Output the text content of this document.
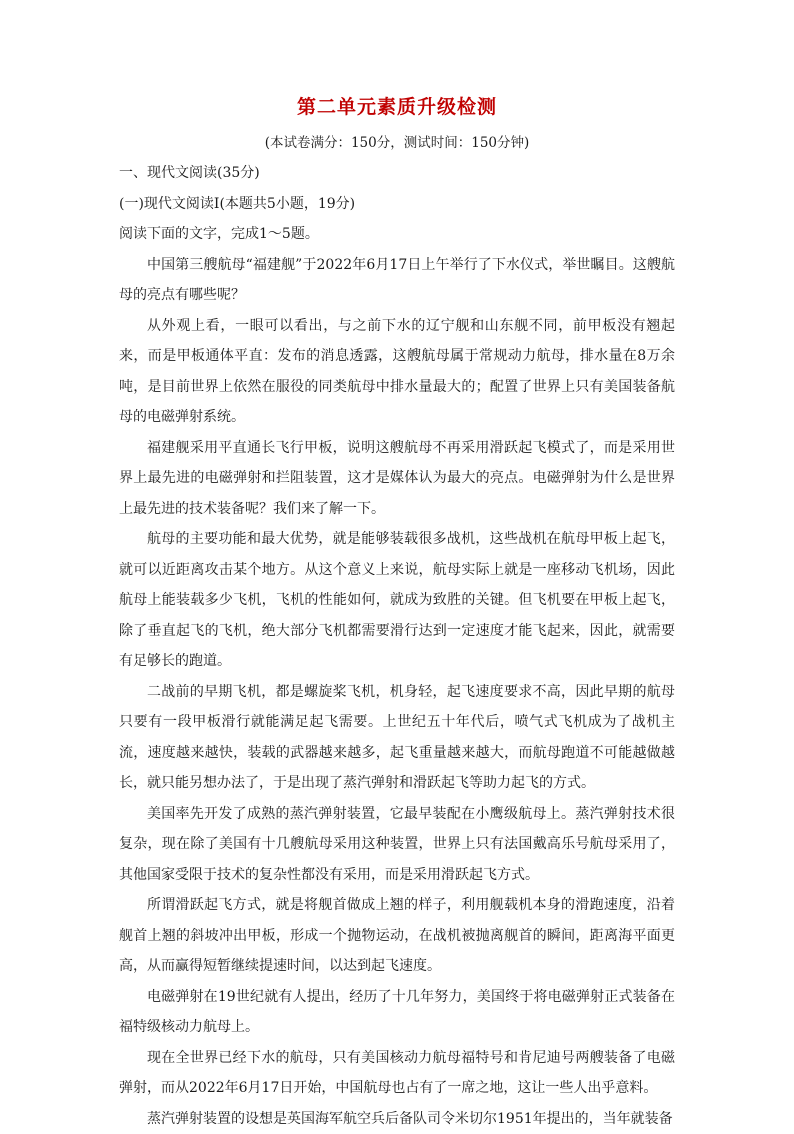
第二单元素质升级检测

(本试卷满分：150分，测试时间：150分钟)

一、现代文阅读(35分)

(一)现代文阅读Ⅰ(本题共5小题，19分)

阅读下面的文字，完成1～5题。

中国第三艘航母“福建舰”于2022年6月17日上午举行了下水仪式，举世瞩目。这艘航母的亮点有哪些呢？

从外观上看，一眼可以看出，与之前下水的辽宁舰和山东舰不同，前甲板没有翘起来，而是甲板通体平直：发布的消息透露，这艘航母属于常规动力航母，排水量在8万余吨，是目前世界上依然在服役的同类航母中排水量最大的；配置了世界上只有美国装备航母的电磁弹射系统。

福建舰采用平直通长飞行甲板，说明这艘航母不再采用滑跃起飞模式了，而是采用世界上最先进的电磁弹射和拦阻装置，这才是媒体认为最大的亮点。电磁弹射为什么是世界上最先进的技术装备呢？我们来了解一下。

航母的主要功能和最大优势，就是能够装载很多战机，这些战机在航母甲板上起飞，就可以近距离攻击某个地方。从这个意义上来说，航母实际上就是一座移动飞机场，因此航母上能装载多少飞机，飞机的性能如何，就成为致胜的关键。但飞机要在甲板上起飞，除了垂直起飞的飞机，绝大部分飞机都需要滑行达到一定速度才能飞起来，因此，就需要有足够长的跑道。

二战前的早期飞机，都是螺旋桨飞机，机身轻，起飞速度要求不高，因此早期的航母只要有一段甲板滑行就能满足起飞需要。上世纪五十年代后，喷气式飞机成为了战机主流，速度越来越快，装载的武器越来越多，起飞重量越来越大，而航母跑道不可能越做越长，就只能另想办法了，于是出现了蒸汽弹射和滑跃起飞等助力起飞的方式。

美国率先开发了成熟的蒸汽弹射装置，它最早装配在小鹰级航母上。蒸汽弹射技术很复杂，现在除了美国有十几艘航母采用这种装置，世界上只有法国戴高乐号航母采用了，其他国家受限于技术的复杂性都没有采用，而是采用滑跃起飞方式。

所谓滑跃起飞方式，就是将舰首做成上翘的样子，利用舰载机本身的滑跑速度，沿着舰首上翘的斜坡冲出甲板，形成一个抛物运动，在战机被抛离舰首的瞬间，距离海平面更高，从而赢得短暂继续提速时间，以达到起飞速度。

电磁弹射在19世纪就有人提出，经历了十几年努力，美国终于将电磁弹射正式装备在福特级核动力航母上。

现在全世界已经下水的航母，只有美国核动力航母福特号和肯尼迪号两艘装备了电磁弹射，而从2022年6月17日开始，中国航母也占有了一席之地，这让一些人出乎意料。

蒸汽弹射装置的设想是英国海军航空兵后备队司令米切尔1951年提出的，当年就装备
